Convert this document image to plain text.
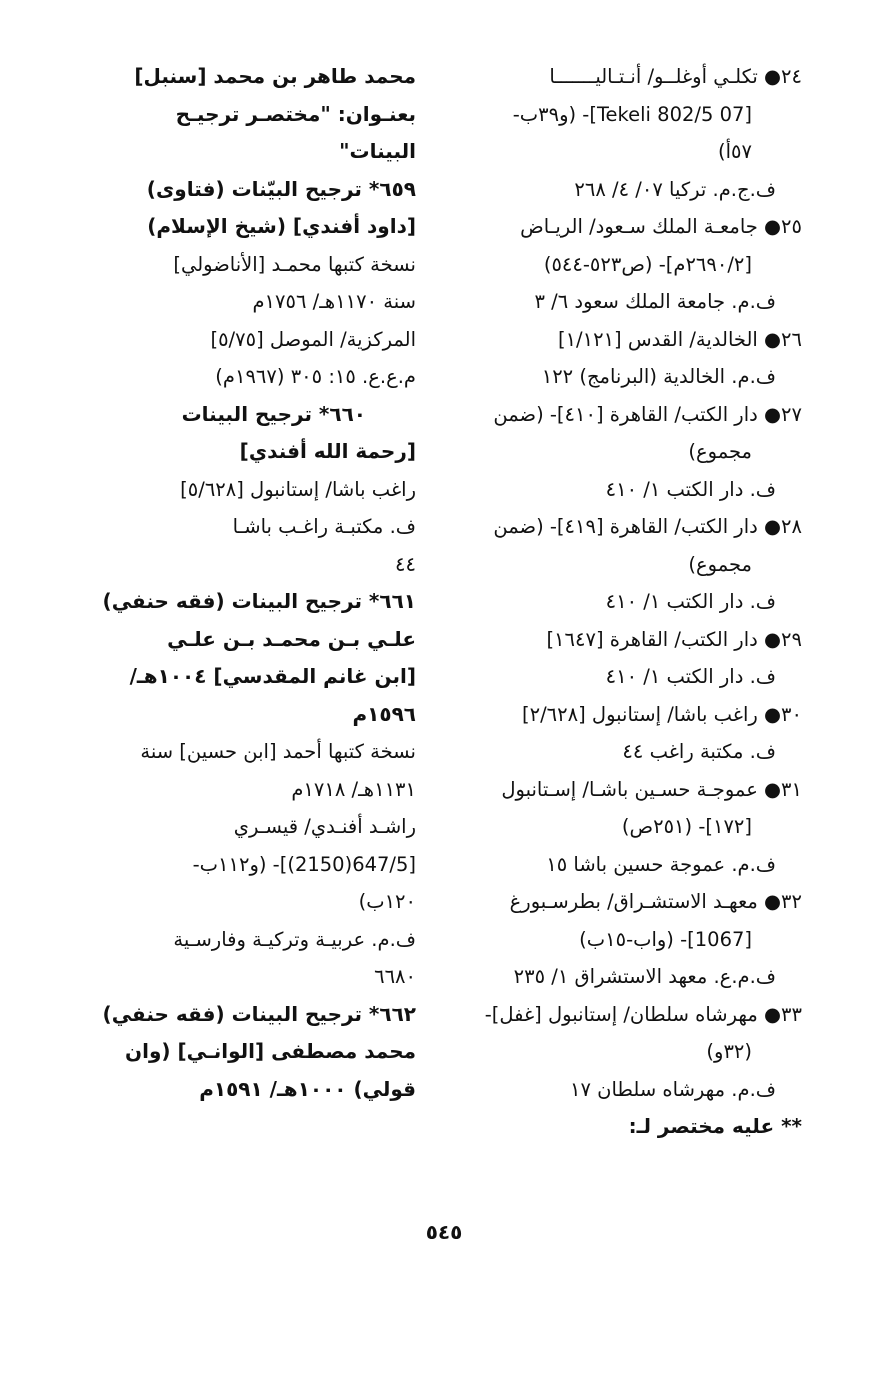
٢٤● تكلـي أوغلــو/ أنـتـاليـــــــا
[Tekeli 802/5 07]- (و٣٩ب-
٥٧أ)
ف.ج.م. تركيا ٠٧/ ٤/ ٢٦٨
٢٥● جامعـة الملك سـعود/ الريـاض
[٢٦٩٠/٢م]- (ص٥٢٣-٥٤٤)
ف.م. جامعة الملك سعود ٦/ ٣
٢٦● الخالدية/ القدس [١/١٢١]
ف.م. الخالدية (البرنامج) ١٢٢
٢٧● دار الكتب/ القاهرة [٤١٠]- (ضمن
مجموع)
ف. دار الكتب ١/ ٤١٠
٢٨● دار الكتب/ القاهرة [٤١٩]- (ضمن
مجموع)
ف. دار الكتب ١/ ٤١٠
٢٩● دار الكتب/ القاهرة [١٦٤٧]
ف. دار الكتب ١/ ٤١٠
٣٠● راغب باشا/ إستانبول [٢/٦٢٨]
ف. مكتبة راغب ٤٤
٣١● عموجـة حسـين باشـا/ إسـتانبول
[١٧٢]- (٢٥١ص)
ف.م. عموجة حسين باشا ١٥
٣٢● معهـد الاستشـراق/ بطرسـبورغ
[1067]- (واب-١٥ب)
ف.م.ع. معهد الاستشراق ١/ ٢٣٥
٣٣● مهرشاه سلطان/ إستانبول [غفل]-
(٣٢و)
ف.م. مهرشاه سلطان ١٧
** عليه مختصر لـ:
محمد طاهر بن محمد [سنبل]
بعنـوان: "مختصـر ترجيـح
البينات"
٦٥٩* ترجيح البيّنات (فتاوى)
[داود أفندي] (شيخ الإسلام)
نسخة كتبها محمـد [الأناضولي]
سنة ١١٧٠هـ/ ١٧٥٦م
المركزية/ الموصل [٥/٧٥]
م.ع.ع. ١٥: ٣٠٥ (١٩٦٧م)
٦٦٠* ترجيح البينات
[رحمة الله أفندي]
راغب باشا/ إستانبول [٥/٦٢٨]
ف. مكتبـة راغـب باشـا
٤٤
٦٦١* ترجيح البينات (فقه حنفي)
علـي بـن محمـد بـن علـي
[ابن غانم المقدسي] ١٠٠٤هـ/
١٥٩٦م
نسخة كتبها أحمد [ابن حسين] سنة
١١٣١هـ/ ١٧١٨م
راشـد أفنـدي/ قيسـري
[647/5(2150)]- (و١١٢ب-
١٢٠ب)
ف.م. عربيـة وتركيـة وفارسـية
٦٦٨٠
٦٦٢* ترجيح البينات (فقه حنفي)
محمد مصطفى [الوانـي] (وان
قولي) ١٠٠٠هـ/ ١٥٩١م
٥٤٥
